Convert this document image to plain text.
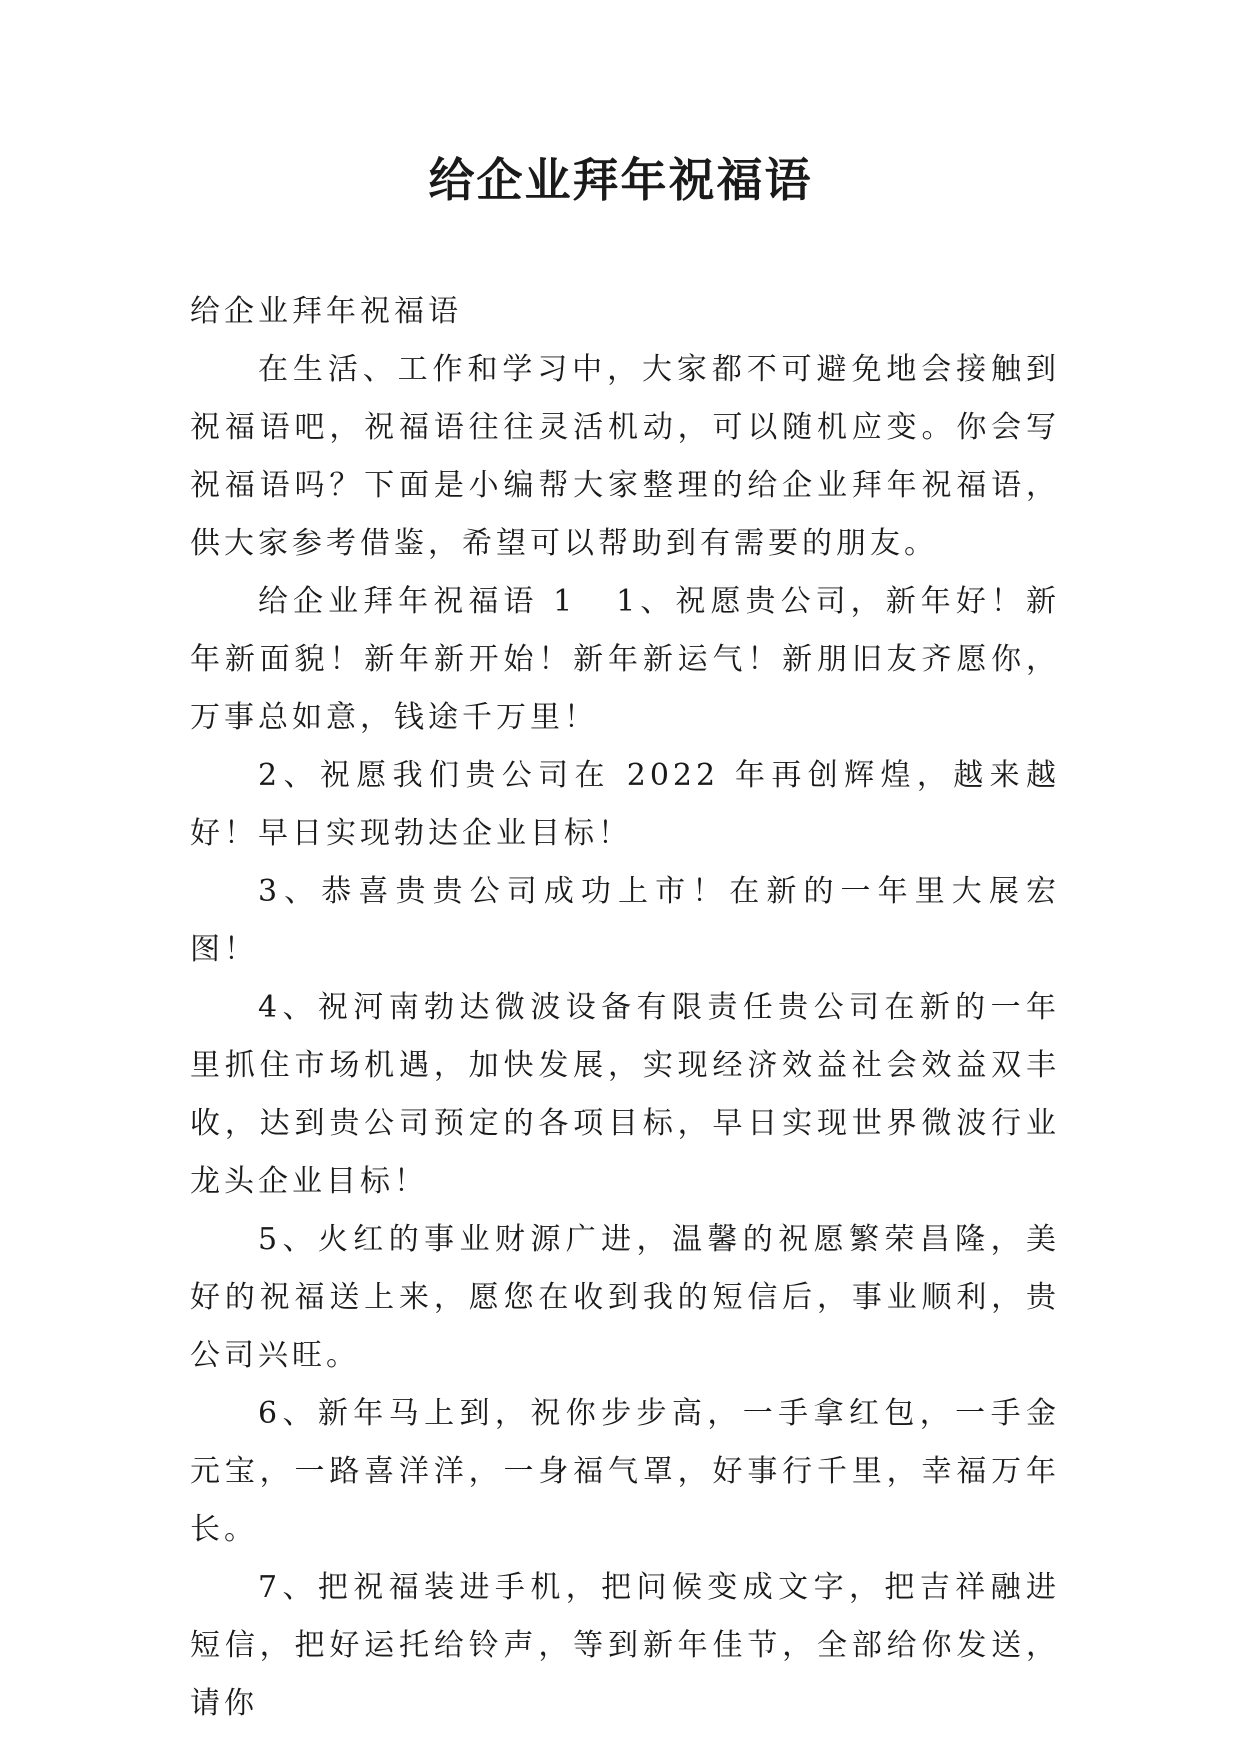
给企业拜年祝福语

给企业拜年祝福语

在生活、工作和学习中，大家都不可避免地会接触到祝福语吧，祝福语往往灵活机动，可以随机应变。你会写祝福语吗？下面是小编帮大家整理的给企业拜年祝福语，供大家参考借鉴，希望可以帮助到有需要的朋友。

给企业拜年祝福语 1 1、祝愿贵公司，新年好！新年新面貌！新年新开始！新年新运气！新朋旧友齐愿你，万事总如意，钱途千万里！

2、祝愿我们贵公司在 2022 年再创辉煌，越来越好！早日实现勃达企业目标！

3、恭喜贵贵公司成功上市！在新的一年里大展宏图！

4、祝河南勃达微波设备有限责任贵公司在新的一年里抓住市场机遇，加快发展，实现经济效益社会效益双丰收，达到贵公司预定的各项目标，早日实现世界微波行业龙头企业目标！

5、火红的事业财源广进，温馨的祝愿繁荣昌隆，美好的祝福送上来，愿您在收到我的短信后，事业顺利，贵公司兴旺。

6、新年马上到，祝你步步高，一手拿红包，一手金元宝，一路喜洋洋，一身福气罩，好事行千里，幸福万年长。

7、把祝福装进手机，把问候变成文字，把吉祥融进短信，把好运托给铃声，等到新年佳节，全部给你发送，请你
